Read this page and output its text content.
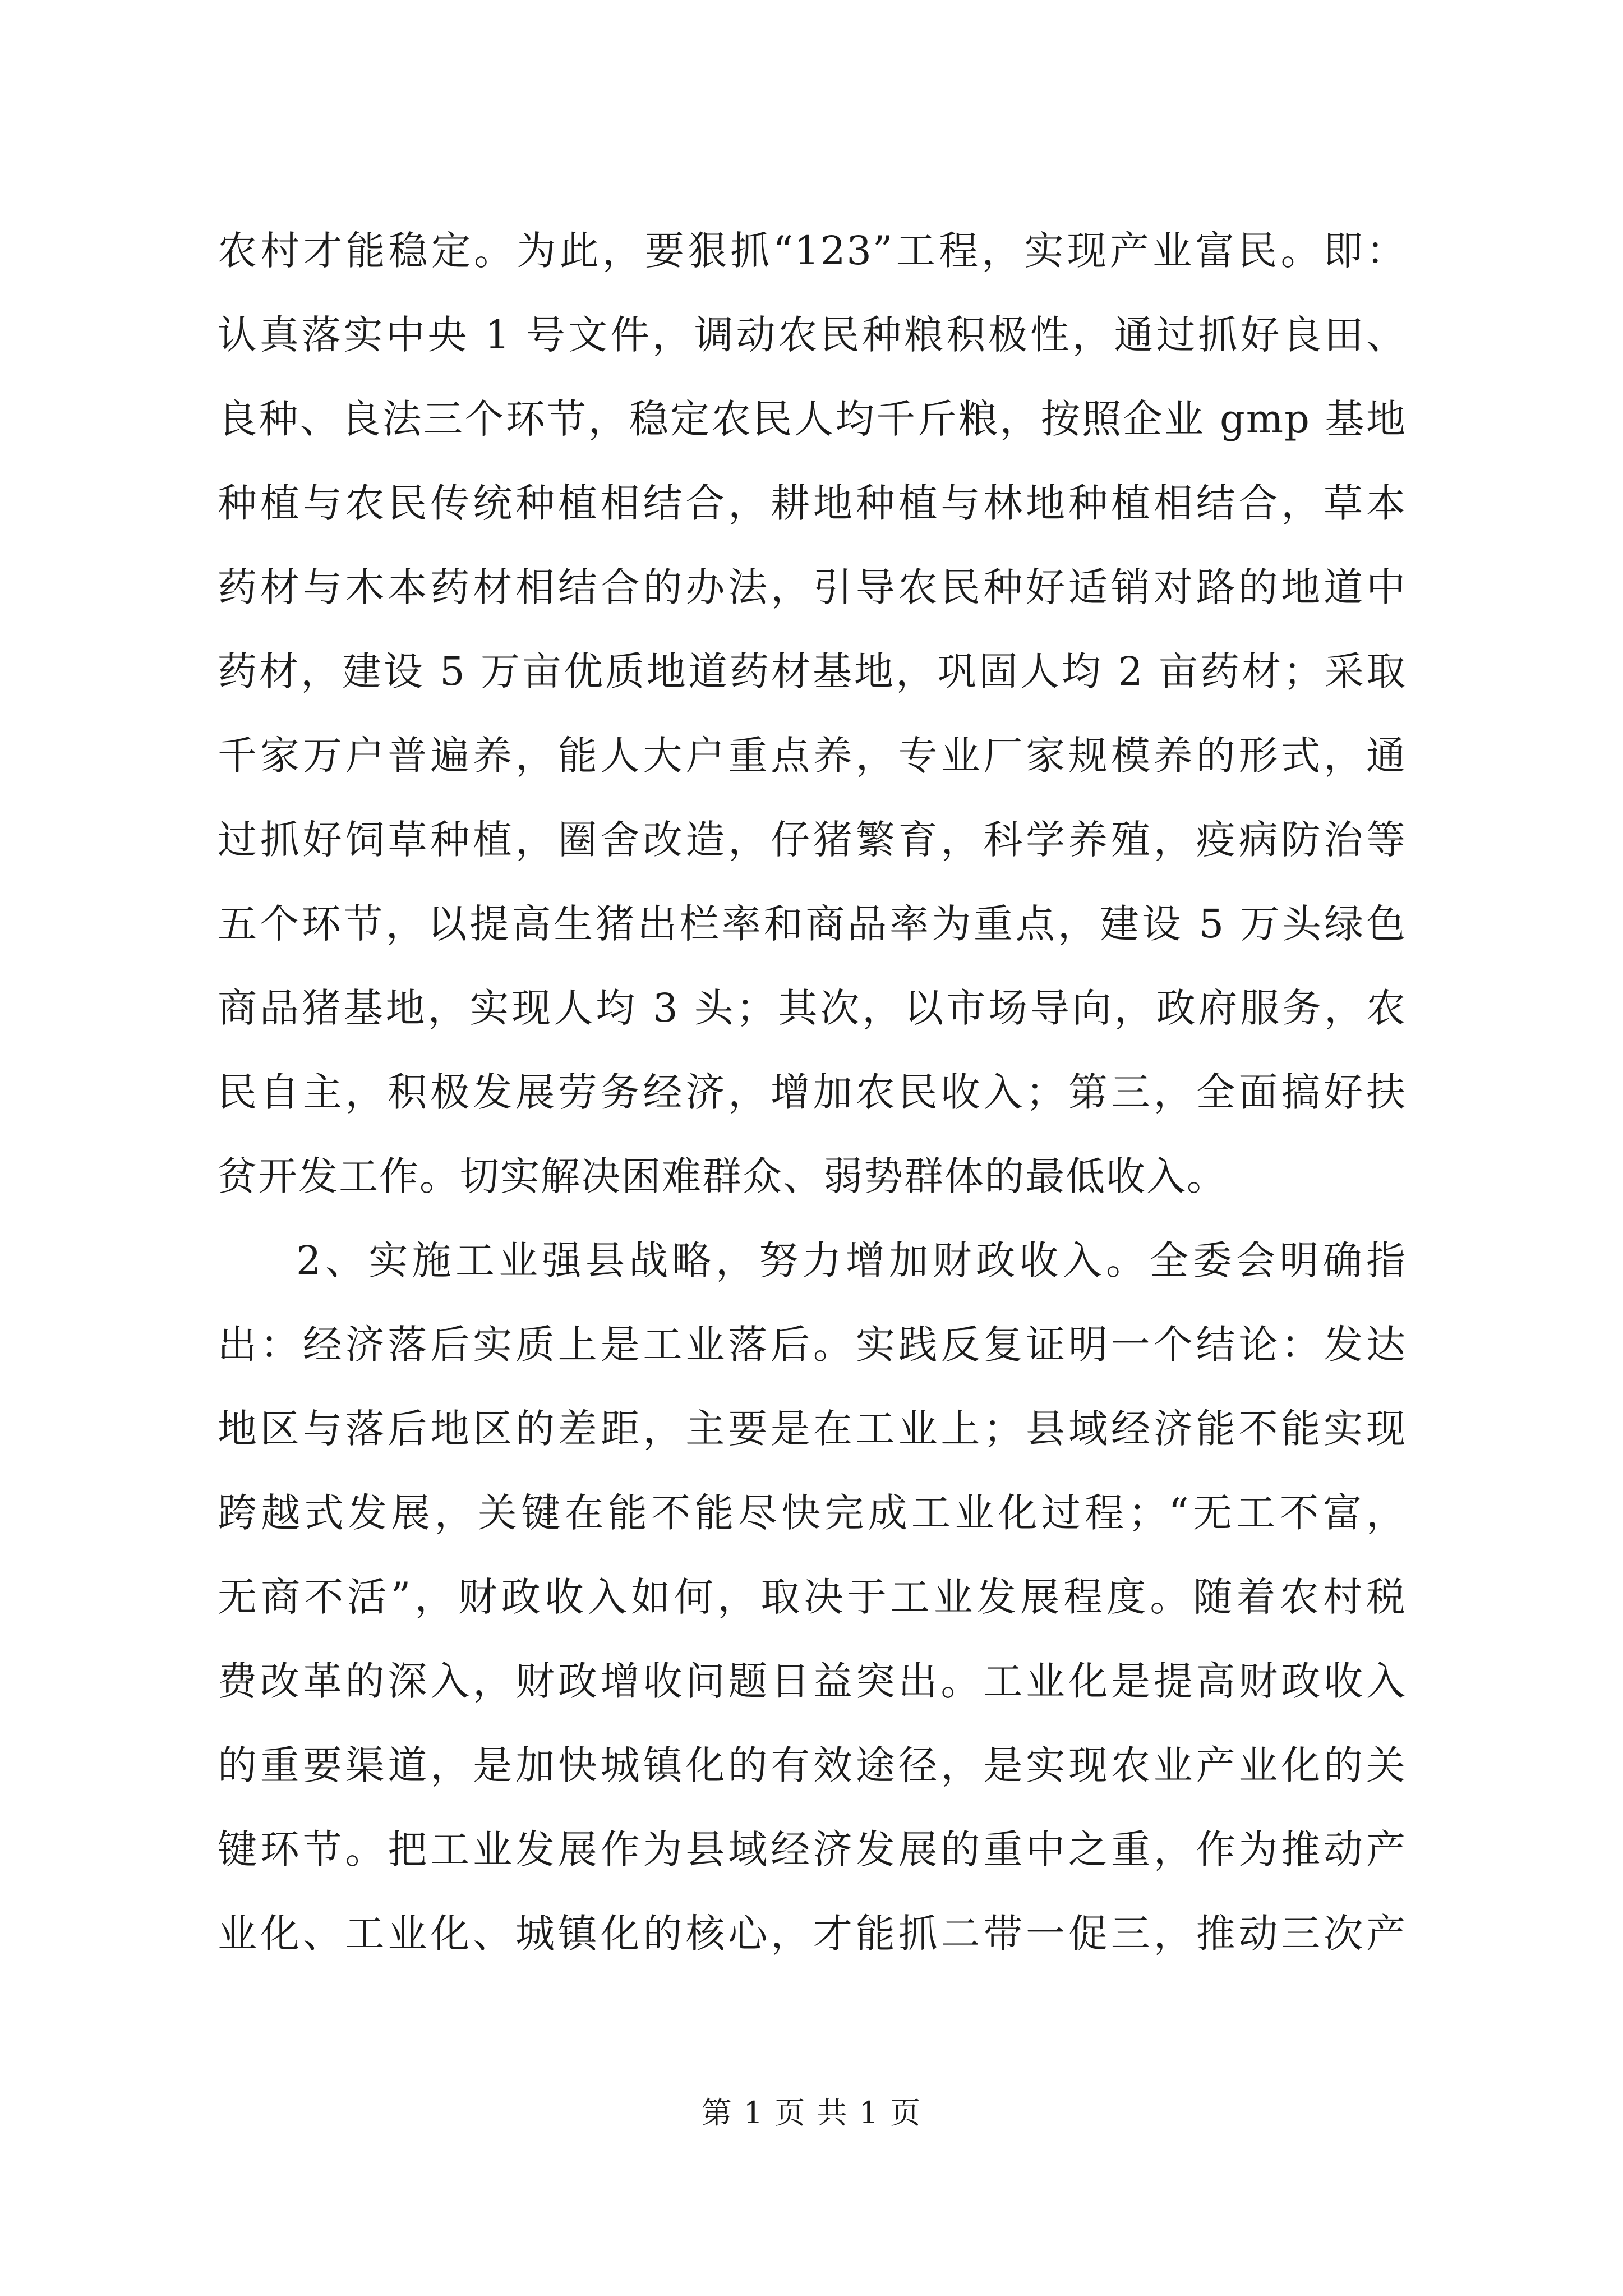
农村才能稳定。为此，要狠抓“123”工程，实现产业富民。即：
认真落实中央 1 号文件，调动农民种粮积极性，通过抓好良田、
良种、良法三个环节，稳定农民人均千斤粮，按照企业 gmp 基地
种植与农民传统种植相结合，耕地种植与林地种植相结合，草本
药材与木本药材相结合的办法，引导农民种好适销对路的地道中
药材，建设 5 万亩优质地道药材基地，巩固人均 2 亩药材；采取
千家万户普遍养，能人大户重点养，专业厂家规模养的形式，通
过抓好饲草种植，圈舍改造，仔猪繁育，科学养殖，疫病防治等
五个环节，以提高生猪出栏率和商品率为重点，建设 5 万头绿色
商品猪基地，实现人均 3 头；其次，以市场导向，政府服务，农
民自主，积极发展劳务经济，增加农民收入；第三，全面搞好扶
贫开发工作。切实解决困难群众、弱势群体的最低收入。
2、实施工业强县战略，努力增加财政收入。全委会明确指
出：经济落后实质上是工业落后。实践反复证明一个结论：发达
地区与落后地区的差距，主要是在工业上；县域经济能不能实现
跨越式发展，关键在能不能尽快完成工业化过程；“无工不富，
无商不活”，财政收入如何，取决于工业发展程度。随着农村税
费改革的深入，财政增收问题日益突出。工业化是提高财政收入
的重要渠道，是加快城镇化的有效途径，是实现农业产业化的关
键环节。把工业发展作为县域经济发展的重中之重，作为推动产
业化、工业化、城镇化的核心，才能抓二带一促三，推动三次产
第 1 页 共 1 页
